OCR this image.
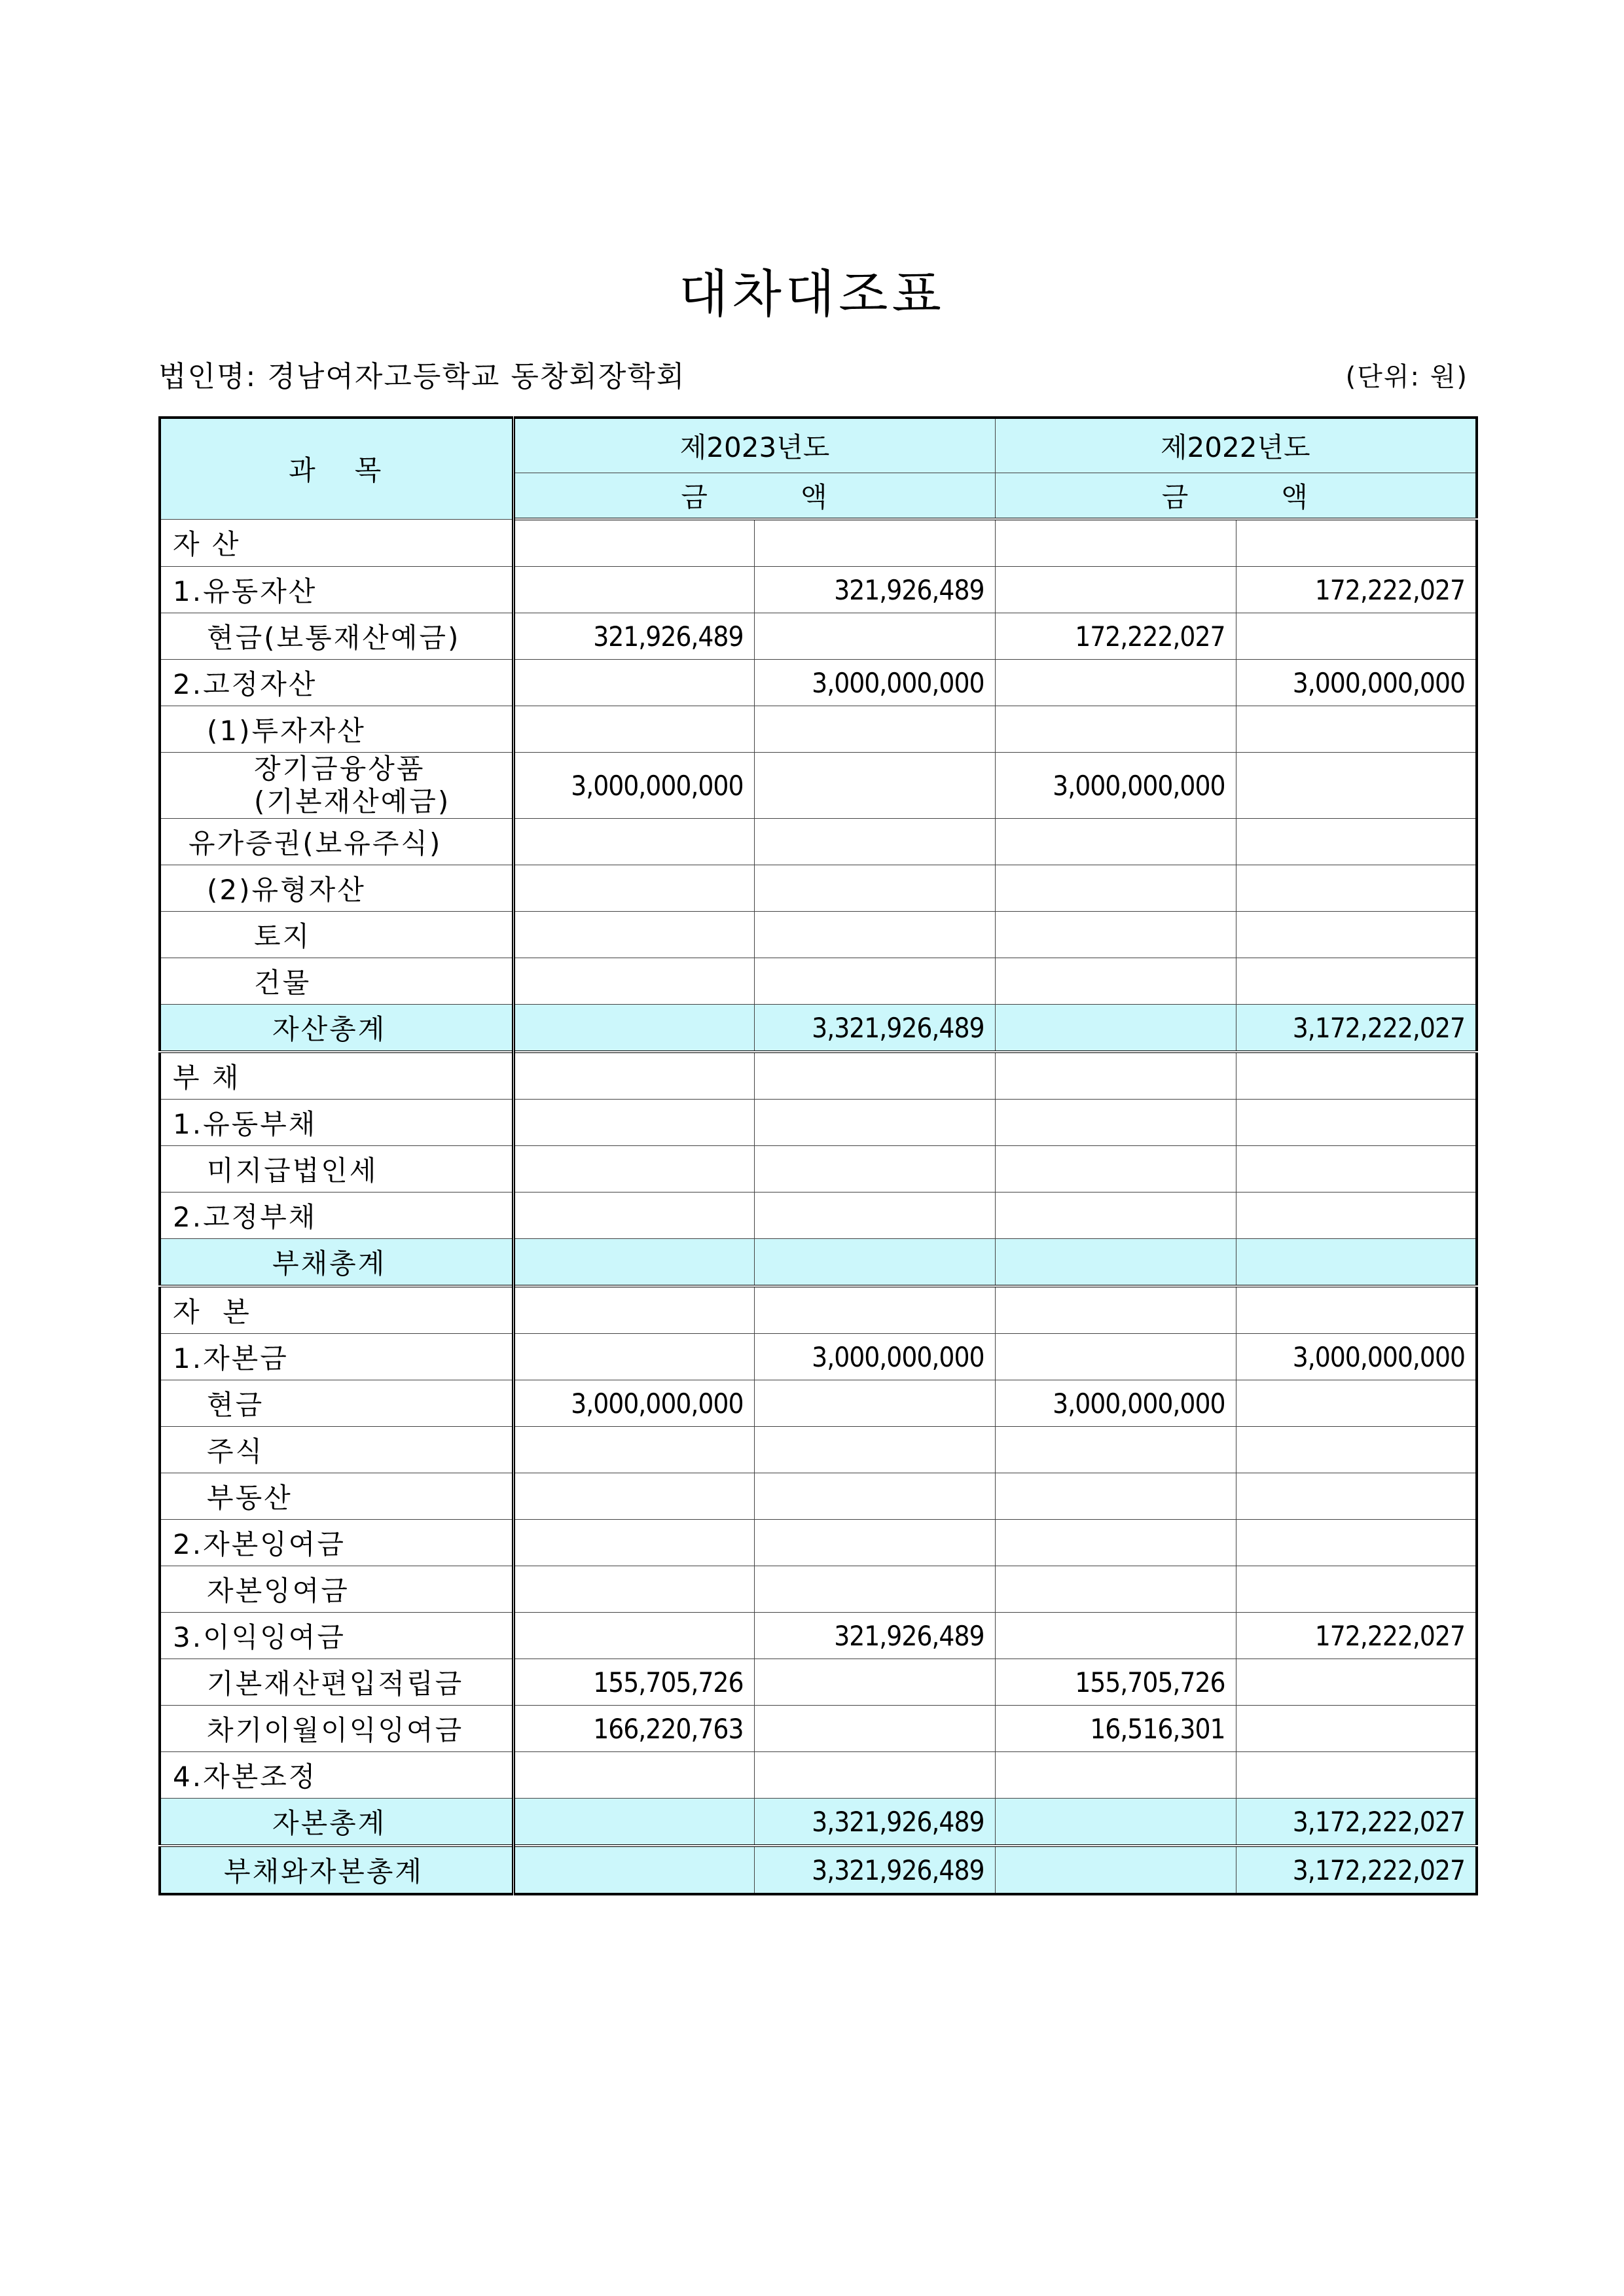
대차대조표
법인명: 경남여자고등학교 동창회장학회	(단위: 원)
과 목	제2023년도		제2022년도	
	금 액		금 액	
자 산				
1.유동자산		321,926,489		172,222,027
현금(보통재산예금)	321,926,489		172,222,027	
2.고정자산		3,000,000,000		3,000,000,000
(1)투자자산				

장기금융상품
(기본재산예금)	3,000,000,000		3,000,000,000	
유가증권(보유주식)				
(2)유형자산				
토지				
건물				
자산총계		3,321,926,489		3,172,222,027
부 채				
1.유동부채				
미지급법인세				
2.고정부채				
부채총계				
자  본				
1.자본금		3,000,000,000		3,000,000,000
현금	3,000,000,000		3,000,000,000	
주식				
부동산				
2.자본잉여금				
자본잉여금				
3.이익잉여금		321,926,489		172,222,027
기본재산편입적립금	155,705,726		155,705,726	
차기이월이익잉여금	166,220,763		16,516,301	
4.자본조정				
자본총계		3,321,926,489		3,172,222,027
부채와자본총계		3,321,926,489		3,172,222,027
